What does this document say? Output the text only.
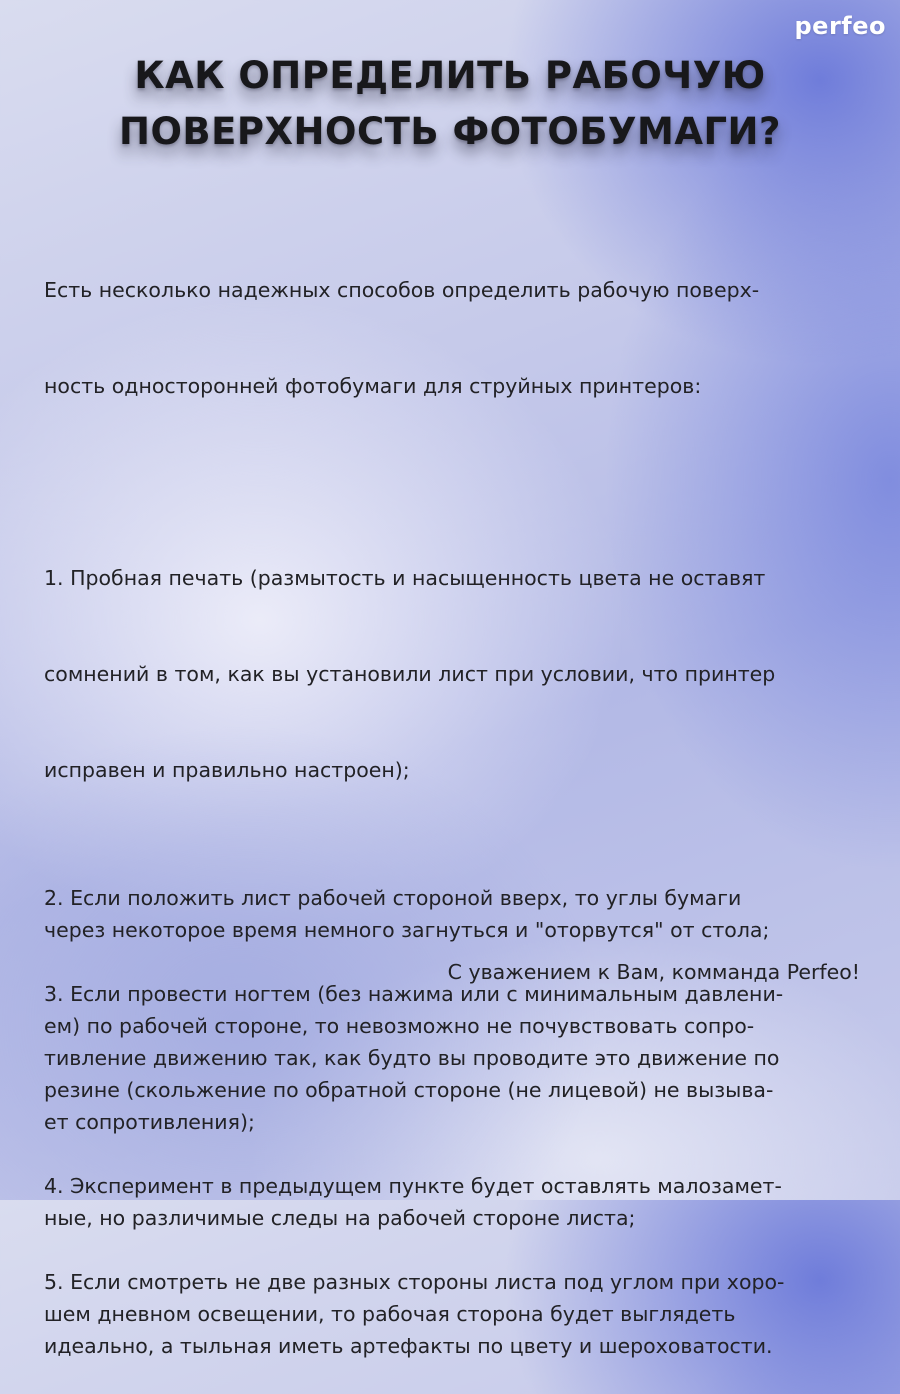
perfeo
КАК ОПРЕДЕЛИТЬ РАБОЧУЮ
ПОВЕРХНОСТЬ ФОТОБУМАГИ?

Есть несколько надежных способов определить рабочую поверх-

ность односторонней фотобумаги для струйных принтеров:

1. Пробная печать (размытость и насыщенность цвета не оставят

сомнений в том, как вы установили лист при условии, что принтер

исправен и правильно настроен);

2. Если положить лист рабочей стороной вверх, то углы бумаги
через некоторое время немного загнуться и "оторвутся" от стола;

3. Если провести ногтем (без нажима или с минимальным давлени-
ем) по рабочей стороне, то невозможно не почувствовать сопро-
тивление движению так, как будто вы проводите это движение по
резине (скольжение по обратной стороне (не лицевой) не вызыва-
ет сопротивления);

4. Эксперимент в предыдущем пункте будет оставлять малозамет-
ные, но различимые следы на рабочей стороне листа;

5. Если смотреть не две разных стороны листа под углом при хоро-
шем дневном освещении, то рабочая сторона будет выглядеть
идеально, а тыльная иметь артефакты по цвету и шероховатости.

С уважением к Вам, комманда Perfeo!
